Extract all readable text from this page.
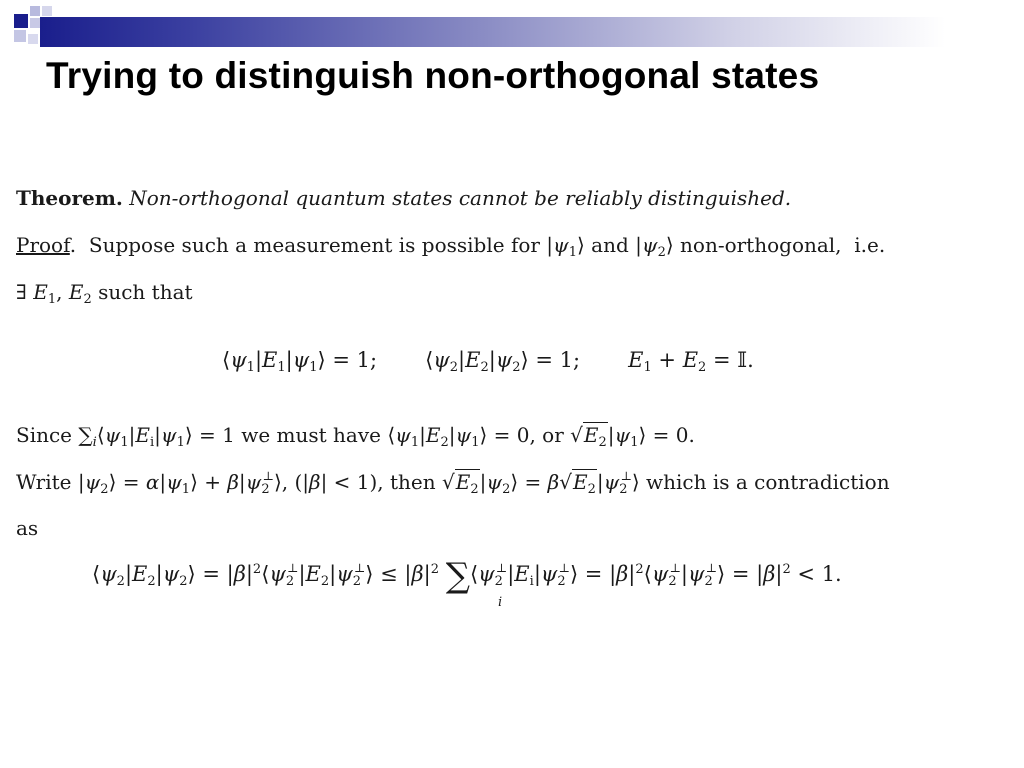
Trying to distinguish non-orthogonal states
Theorem. Non-orthogonal quantum states cannot be reliably distinguished.
Proof.  Suppose such a measurement is possible for $|\psi_1⟩$ and $|\psi_2⟩$ non-orthogonal,  i.e.
∃ $E_1$, $E_2$ such that
$⟨\psi_1|E_1|\psi_1⟩ = 1$; $⟨\psi_2|E_2|\psi_2⟩ = 1$; $E_1 + E_2$ = 𝕀.
Since $\sum_i⟨\psi_1|E_i|\psi_1⟩ = 1$ we must have $⟨\psi_1|E_2|\psi_1⟩ = 0$, or $√E_2|\psi_1⟩ = 0$.
Write $|\psi_2⟩$ = $\alpha|\psi_1⟩$ + $\beta|\psi_2^\perp⟩$, (|β| < 1), then $√E_2|\psi_2⟩$ = $\beta√E_2|\psi_2^\perp⟩$ which is a contradiction
as
$⟨\psi_2|E_2|\psi_2⟩$ = $|\beta|^2⟨\psi_2^\perp|E_2|\psi_2^\perp⟩ \le |\beta|^2$ $\sum⟨\psi_2^\perp|E_i|\psi_2^\perp⟩$ = $|\beta|^2⟨\psi_2^\perp|\psi_2^\perp⟩ = |\beta|^2 < 1$.
i
